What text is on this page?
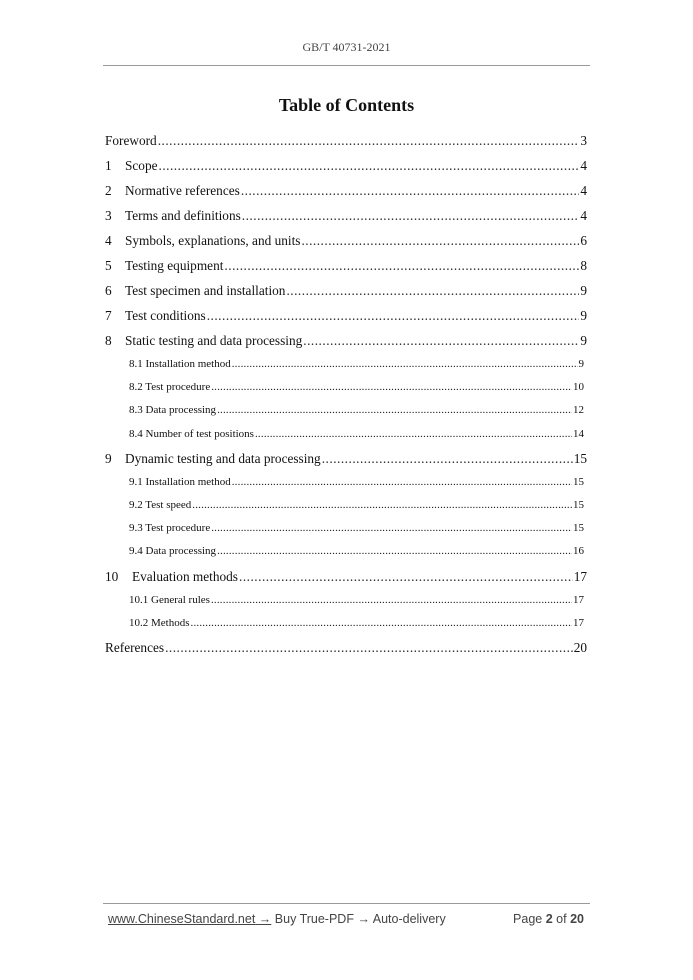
GB/T 40731-2021
Table of Contents
Foreword .....	3
1	Scope .....	4
2	Normative references .....	4
3	Terms and definitions .....	4
4	Symbols, explanations, and units .....	6
5	Testing equipment .....	8
6	Test specimen and installation .....	9
7	Test conditions .....	9
8	Static testing and data processing .....	9
8.1 Installation method .....	9
8.2 Test procedure .....	10
8.3 Data processing .....	12
8.4 Number of test positions .....	14
9	Dynamic testing and data processing .....	15
9.1 Installation method .....	15
9.2 Test speed .....	15
9.3 Test procedure .....	15
9.4 Data processing .....	16
10	Evaluation methods .....	17
10.1 General rules .....	17
10.2 Methods .....	17
References .....	20
www.ChineseStandard.net → Buy True-PDF → Auto-delivery	Page 2 of 20
